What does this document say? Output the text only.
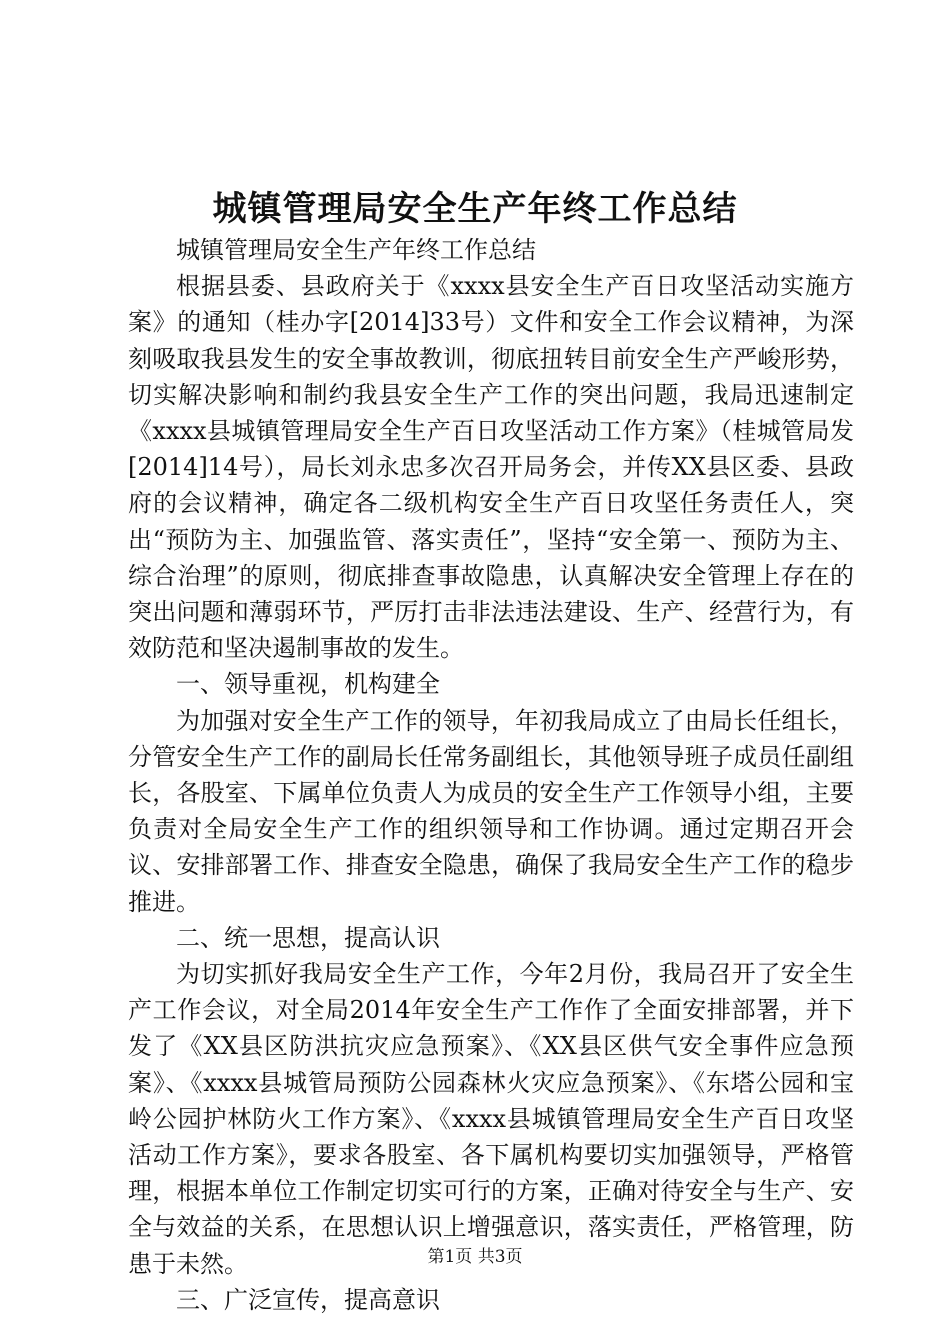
城镇管理局安全生产年终工作总结

城镇管理局安全生产年终工作总结

根据县委、县政府关于《xxxx县安全生产百日攻坚活动实施方案》的通知（桂办字[2014]33号）文件和安全工作会议精神，为深刻吸取我县发生的安全事故教训，彻底扭转目前安全生产严峻形势，切实解决影响和制约我县安全生产工作的突出问题，我局迅速制定《xxxx县城镇管理局安全生产百日攻坚活动工作方案》（桂城管局发[2014]14号），局长刘永忠多次召开局务会，并传XX县区委、县政府的会议精神，确定各二级机构安全生产百日攻坚任务责任人，突出“预防为主、加强监管、落实责任”，坚持“安全第一、预防为主、综合治理”的原则，彻底排查事故隐患，认真解决安全管理上存在的突出问题和薄弱环节，严厉打击非法违法建设、生产、经营行为，有效防范和坚决遏制事故的发生。

一、领导重视，机构建全

为加强对安全生产工作的领导，年初我局成立了由局长任组长，分管安全生产工作的副局长任常务副组长，其他领导班子成员任副组长，各股室、下属单位负责人为成员的安全生产工作领导小组，主要负责对全局安全生产工作的组织领导和工作协调。通过定期召开会议、安排部署工作、排查安全隐患，确保了我局安全生产工作的稳步推进。

二、统一思想，提高认识

为切实抓好我局安全生产工作，今年2月份，我局召开了安全生产工作会议，对全局2014年安全生产工作作了全面安排部署，并下发了《XX县区防洪抗灾应急预案》、《XX县区供气安全事件应急预案》、《xxxx县城管局预防公园森林火灾应急预案》、《东塔公园和宝岭公园护林防火工作方案》、《xxxx县城镇管理局安全生产百日攻坚活动工作方案》，要求各股室、各下属机构要切实加强领导，严格管理，根据本单位工作制定切实可行的方案，正确对待安全与生产、安全与效益的关系，在思想认识上增强意识，落实责任，严格管理，防患于未然。

三、广泛宣传，提高意识

第1页 共3页
